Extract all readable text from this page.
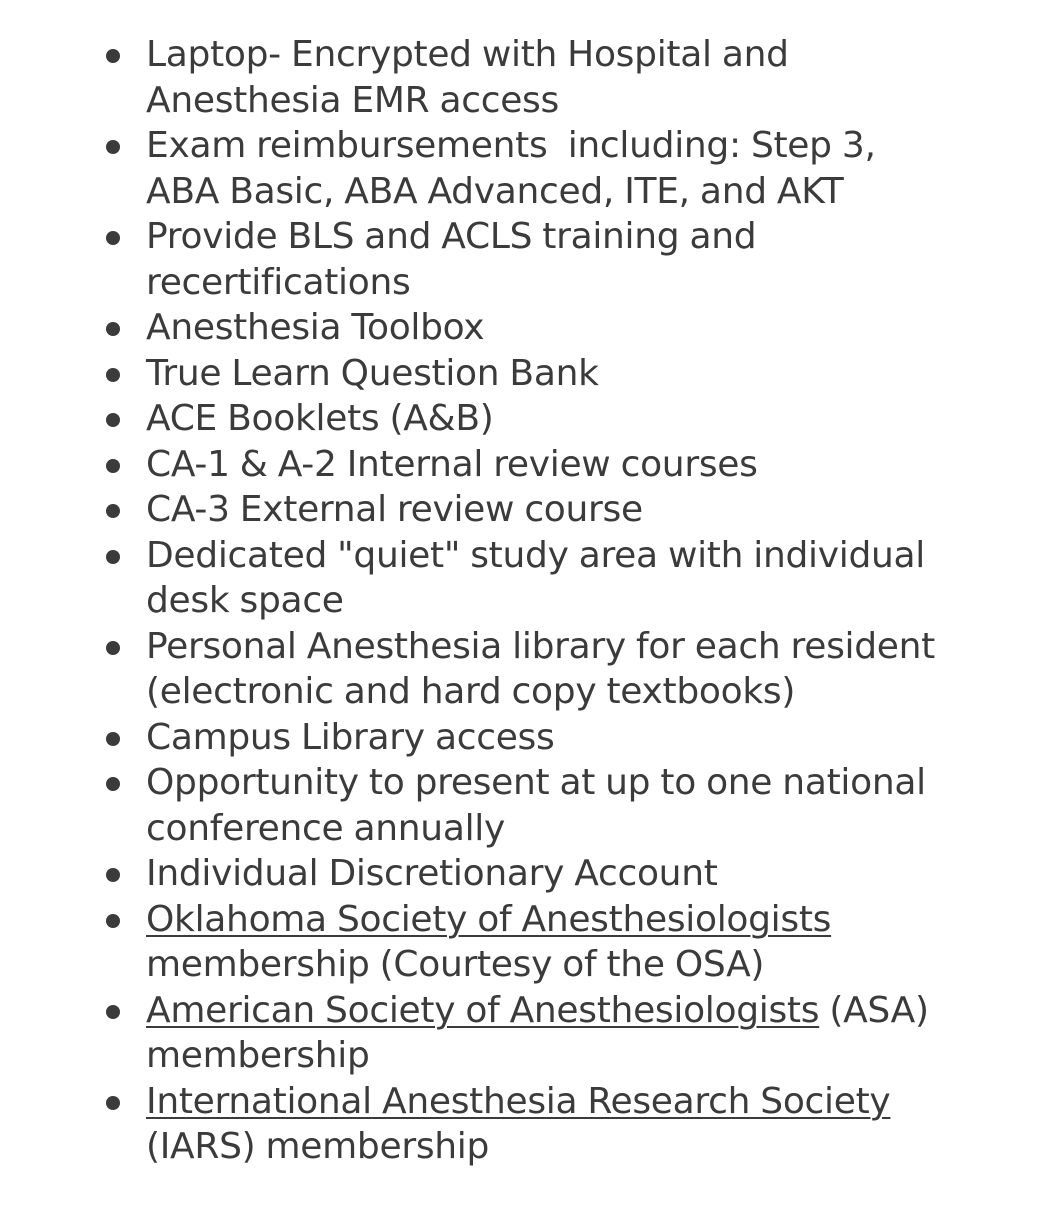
Laptop- Encrypted with Hospital and
Anesthesia EMR access
Exam reimbursements  including: Step 3,
ABA Basic, ABA Advanced, ITE, and AKT
Provide BLS and ACLS training and
recertifications
Anesthesia Toolbox
True Learn Question Bank
ACE Booklets (A&B)
CA-1 & A-2 Internal review courses
CA-3 External review course
Dedicated "quiet" study area with individual
desk space
Personal Anesthesia library for each resident
(electronic and hard copy textbooks)
Campus Library access
Opportunity to present at up to one national
conference annually
Individual Discretionary Account
Oklahoma Society of Anesthesiologists
membership (Courtesy of the OSA)
American Society of Anesthesiologists (ASA)
membership
International Anesthesia Research Society
(IARS) membership
